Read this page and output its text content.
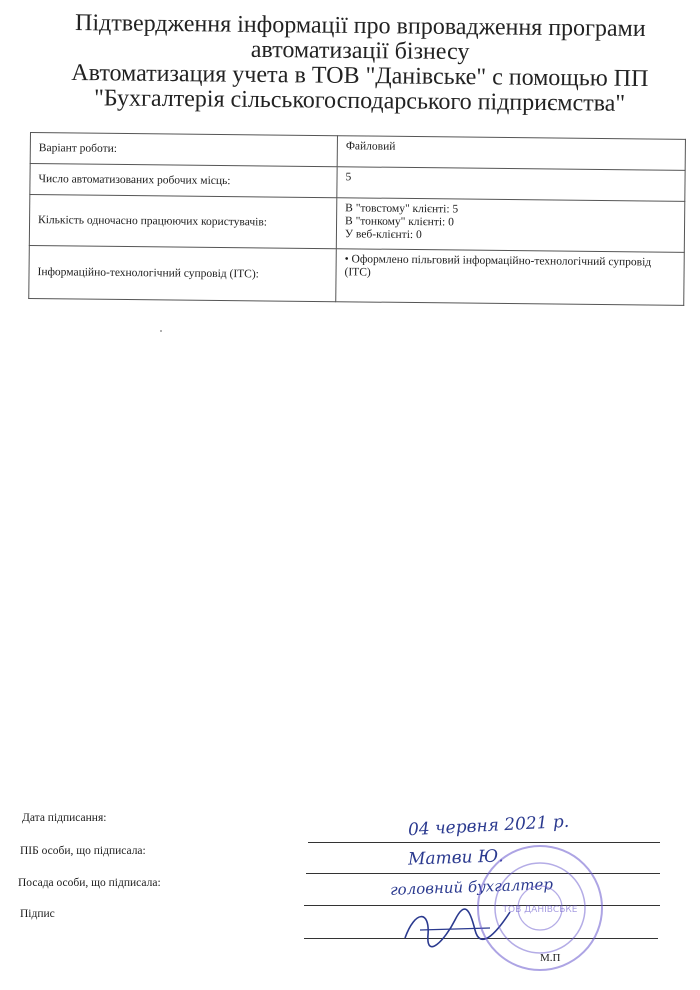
Підтвердження інформації про впровадження програми
автоматизації бізнесу
Автоматизация учета в ТОВ "Данівське" с помощью ПП
"Бухгалтерія сільськогосподарського підприємства"
Варіант роботи:	Файловий
Число автоматизованих робочих місць:	5
Кількість одночасно працюючих користувачів:	В "товстому" клієнті: 5
В "тонкому" клієнті: 0
У веб-клієнті: 0

Інформаційно-технологічний супровід (ІТС):	• Оформлено пільговий інформаційно-технологічний супровід
(ІТС)
Дата підписання:	04 червня 2021 р.
ПІБ особи, що підписала:	Матви Ю.
Посада особи, що підписала:	головний бухгалтер
Підпис	ТОВ ДАНІВСЬКЕ
М.П
